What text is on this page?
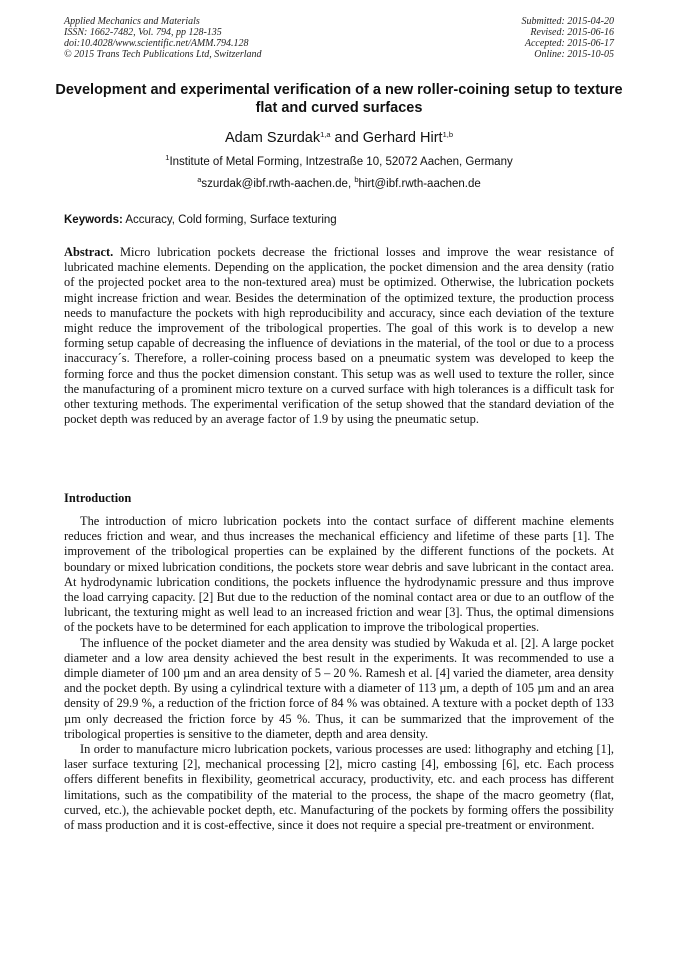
Applied Mechanics and Materials
ISSN: 1662-7482, Vol. 794, pp 128-135
doi:10.4028/www.scientific.net/AMM.794.128
© 2015 Trans Tech Publications Ltd, Switzerland
Submitted: 2015-04-20
Revised: 2015-06-16
Accepted: 2015-06-17
Online: 2015-10-05
Development and experimental verification of a new roller-coining setup to texture flat and curved surfaces
Adam Szurdak$^{1,a}$ and Gerhard Hirt$^{1,b}$
$^1$Institute of Metal Forming, Intzestraße 10, 52072 Aachen, Germany
$^a$szurdak@ibf.rwth-aachen.de, $^b$hirt@ibf.rwth-aachen.de
Keywords: Accuracy, Cold forming, Surface texturing
Abstract. Micro lubrication pockets decrease the frictional losses and improve the wear resistance of lubricated machine elements. Depending on the application, the pocket dimension and the area density (ratio of the projected pocket area to the non-textured area) must be optimized. Otherwise, the lubrication pockets might increase friction and wear. Besides the determination of the optimized texture, the production process needs to manufacture the pockets with high reproducibility and accuracy, since each deviation of the texture might reduce the improvement of the tribological properties. The goal of this work is to develop a new forming setup capable of decreasing the influence of deviations in the material, of the tool or due to a process inaccuracy´s. Therefore, a roller-coining process based on a pneumatic system was developed to keep the forming force and thus the pocket dimension constant. This setup was as well used to texture the roller, since the manufacturing of a prominent micro texture on a curved surface with high tolerances is a difficult task for other texturing methods. The experimental verification of the setup showed that the standard deviation of the pocket depth was reduced by an average factor of 1.9 by using the pneumatic setup.
Introduction

The introduction of micro lubrication pockets into the contact surface of different machine elements reduces friction and wear, and thus increases the mechanical efficiency and lifetime of these parts [1]. The improvement of the tribological properties can be explained by the different functions of the pockets. At boundary or mixed lubrication conditions, the pockets store wear debris and save lubricant in the contact area. At hydrodynamic lubrication conditions, the pockets influence the hydrodynamic pressure and thus improve the load carrying capacity. [2] But due to the reduction of the nominal contact area or due to an outflow of the lubricant, the texturing might as well lead to an increased friction and wear [3]. Thus, the optimal dimensions of the pockets have to be determined for each application to improve the tribological properties.

The influence of the pocket diameter and the area density was studied by Wakuda et al. [2]. A large pocket diameter and a low area density achieved the best result in the experiments. It was recommended to use a dimple diameter of 100 µm and an area density of 5 – 20 %. Ramesh et al. [4] varied the diameter, area density and the pocket depth. By using a cylindrical texture with a diameter of 113 µm, a depth of 105 µm and an area density of 29.9 %, a reduction of the friction force of 84 % was obtained. A texture with a pocket depth of 133 µm only decreased the friction force by 45 %. Thus, it can be summarized that the improvement of the tribological properties is sensitive to the diameter, depth and area density.

In order to manufacture micro lubrication pockets, various processes are used: lithography and etching [1], laser surface texturing [2], mechanical processing [2], micro casting [4], embossing [6], etc. Each process offers different benefits in flexibility, geometrical accuracy, productivity, etc. and each process has different limitations, such as the compatibility of the material to the process, the shape of the macro geometry (flat, curved, etc.), the achievable pocket depth, etc. Manufacturing of the pockets by forming offers the possibility of mass production and it is cost-effective, since it does not require a special pre-treatment or environment.
